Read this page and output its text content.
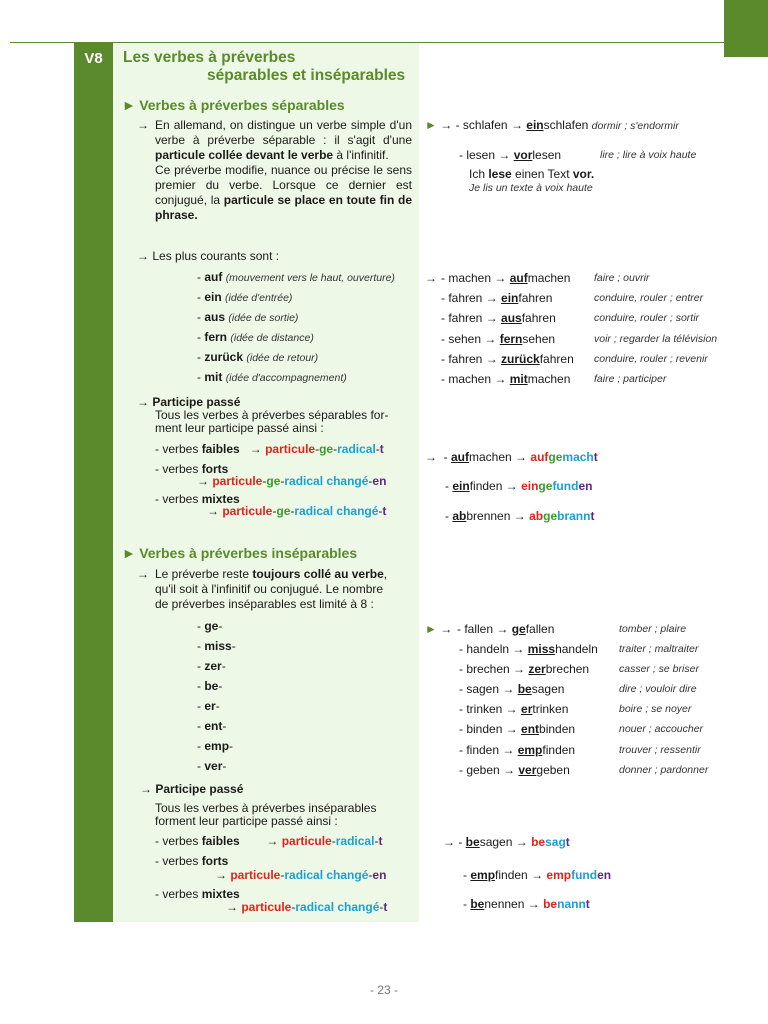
V8	Les verbes à préverbes
séparables et inséparables
► Verbes à préverbes séparables
→ En allemand, on distingue un verbe simple d'un verbe à préverbe séparable : il s'agit d'une particule collée devant le verbe à l'infinitif.
Ce préverbe modifie, nuance ou précise le sens premier du verbe. Lorsque ce dernier est conjugué, la particule se place en toute fin de phrase.
► → - schlafen → einschlafen dormir ; s'endormir
- lesen → vorlesen	lire ; lire à voix haute
Ich lese einen Text vor.
Je lis un texte à voix haute
→ Les plus courants sont :
- auf (mouvement vers le haut, ouverture)
- ein (idée d'entrée)
- aus (idée de sortie)
- fern (idée de distance)
- zurück (idée de retour)
- mit (idée d'accompagnement)
→ - machen → aufmachen faire ; ouvrir
- fahren → einfahren	conduire, rouler ; entrer
- fahren → ausfahren	conduire, rouler ; sortir
- sehen → fernsehen	voir ; regarder la télévision
- fahren → zurückfahren conduire, rouler ; revenir
- machen → mitmachen faire ; participer
→ Participe passé
Tous les verbes à préverbes séparables for-
ment leur participe passé ainsi :
- verbes faibles → particule-ge-radical-t
- verbes forts
→ particule-ge-radical changé-en
- verbes mixtes
→ particule-ge-radical changé-t
→  - aufmachen → aufgemacht
- einfinden → eingefunden
- abbrennen → abgebrannt
► Verbes à préverbes inséparables
→ Le préverbe reste toujours collé au verbe,
qu'il soit à l'infinitif ou conjugué. Le nombre
de préverbes inséparables est limité à 8 :
- ge-
- miss-
- zer-
- be-
- er-
- ent-
- emp-
- ver-
► → - fallen → gefallen	tomber ; plaire
- handeln → misshandeln traiter ; maltraiter
- brechen → zerbrechen	casser ; se briser
- sagen → besagen	dire ; vouloir dire
- trinken → ertrinken	boire ; se noyer
- binden → entbinden	nouer ; accoucher
- finden → empfinden	trouver ; ressentir
- geben → vergeben	donner ; pardonner
→ Participe passé
Tous les verbes à préverbes inséparables
forment leur participe passé ainsi :
- verbes faibles → particule-radical-t
- verbes forts
→ particule-radical changé-en
- verbes mixtes
→ particule-radical changé-t
→ - besagen → besagt
- empfinden → empfunden
- benennen → benannt
- 23 -
